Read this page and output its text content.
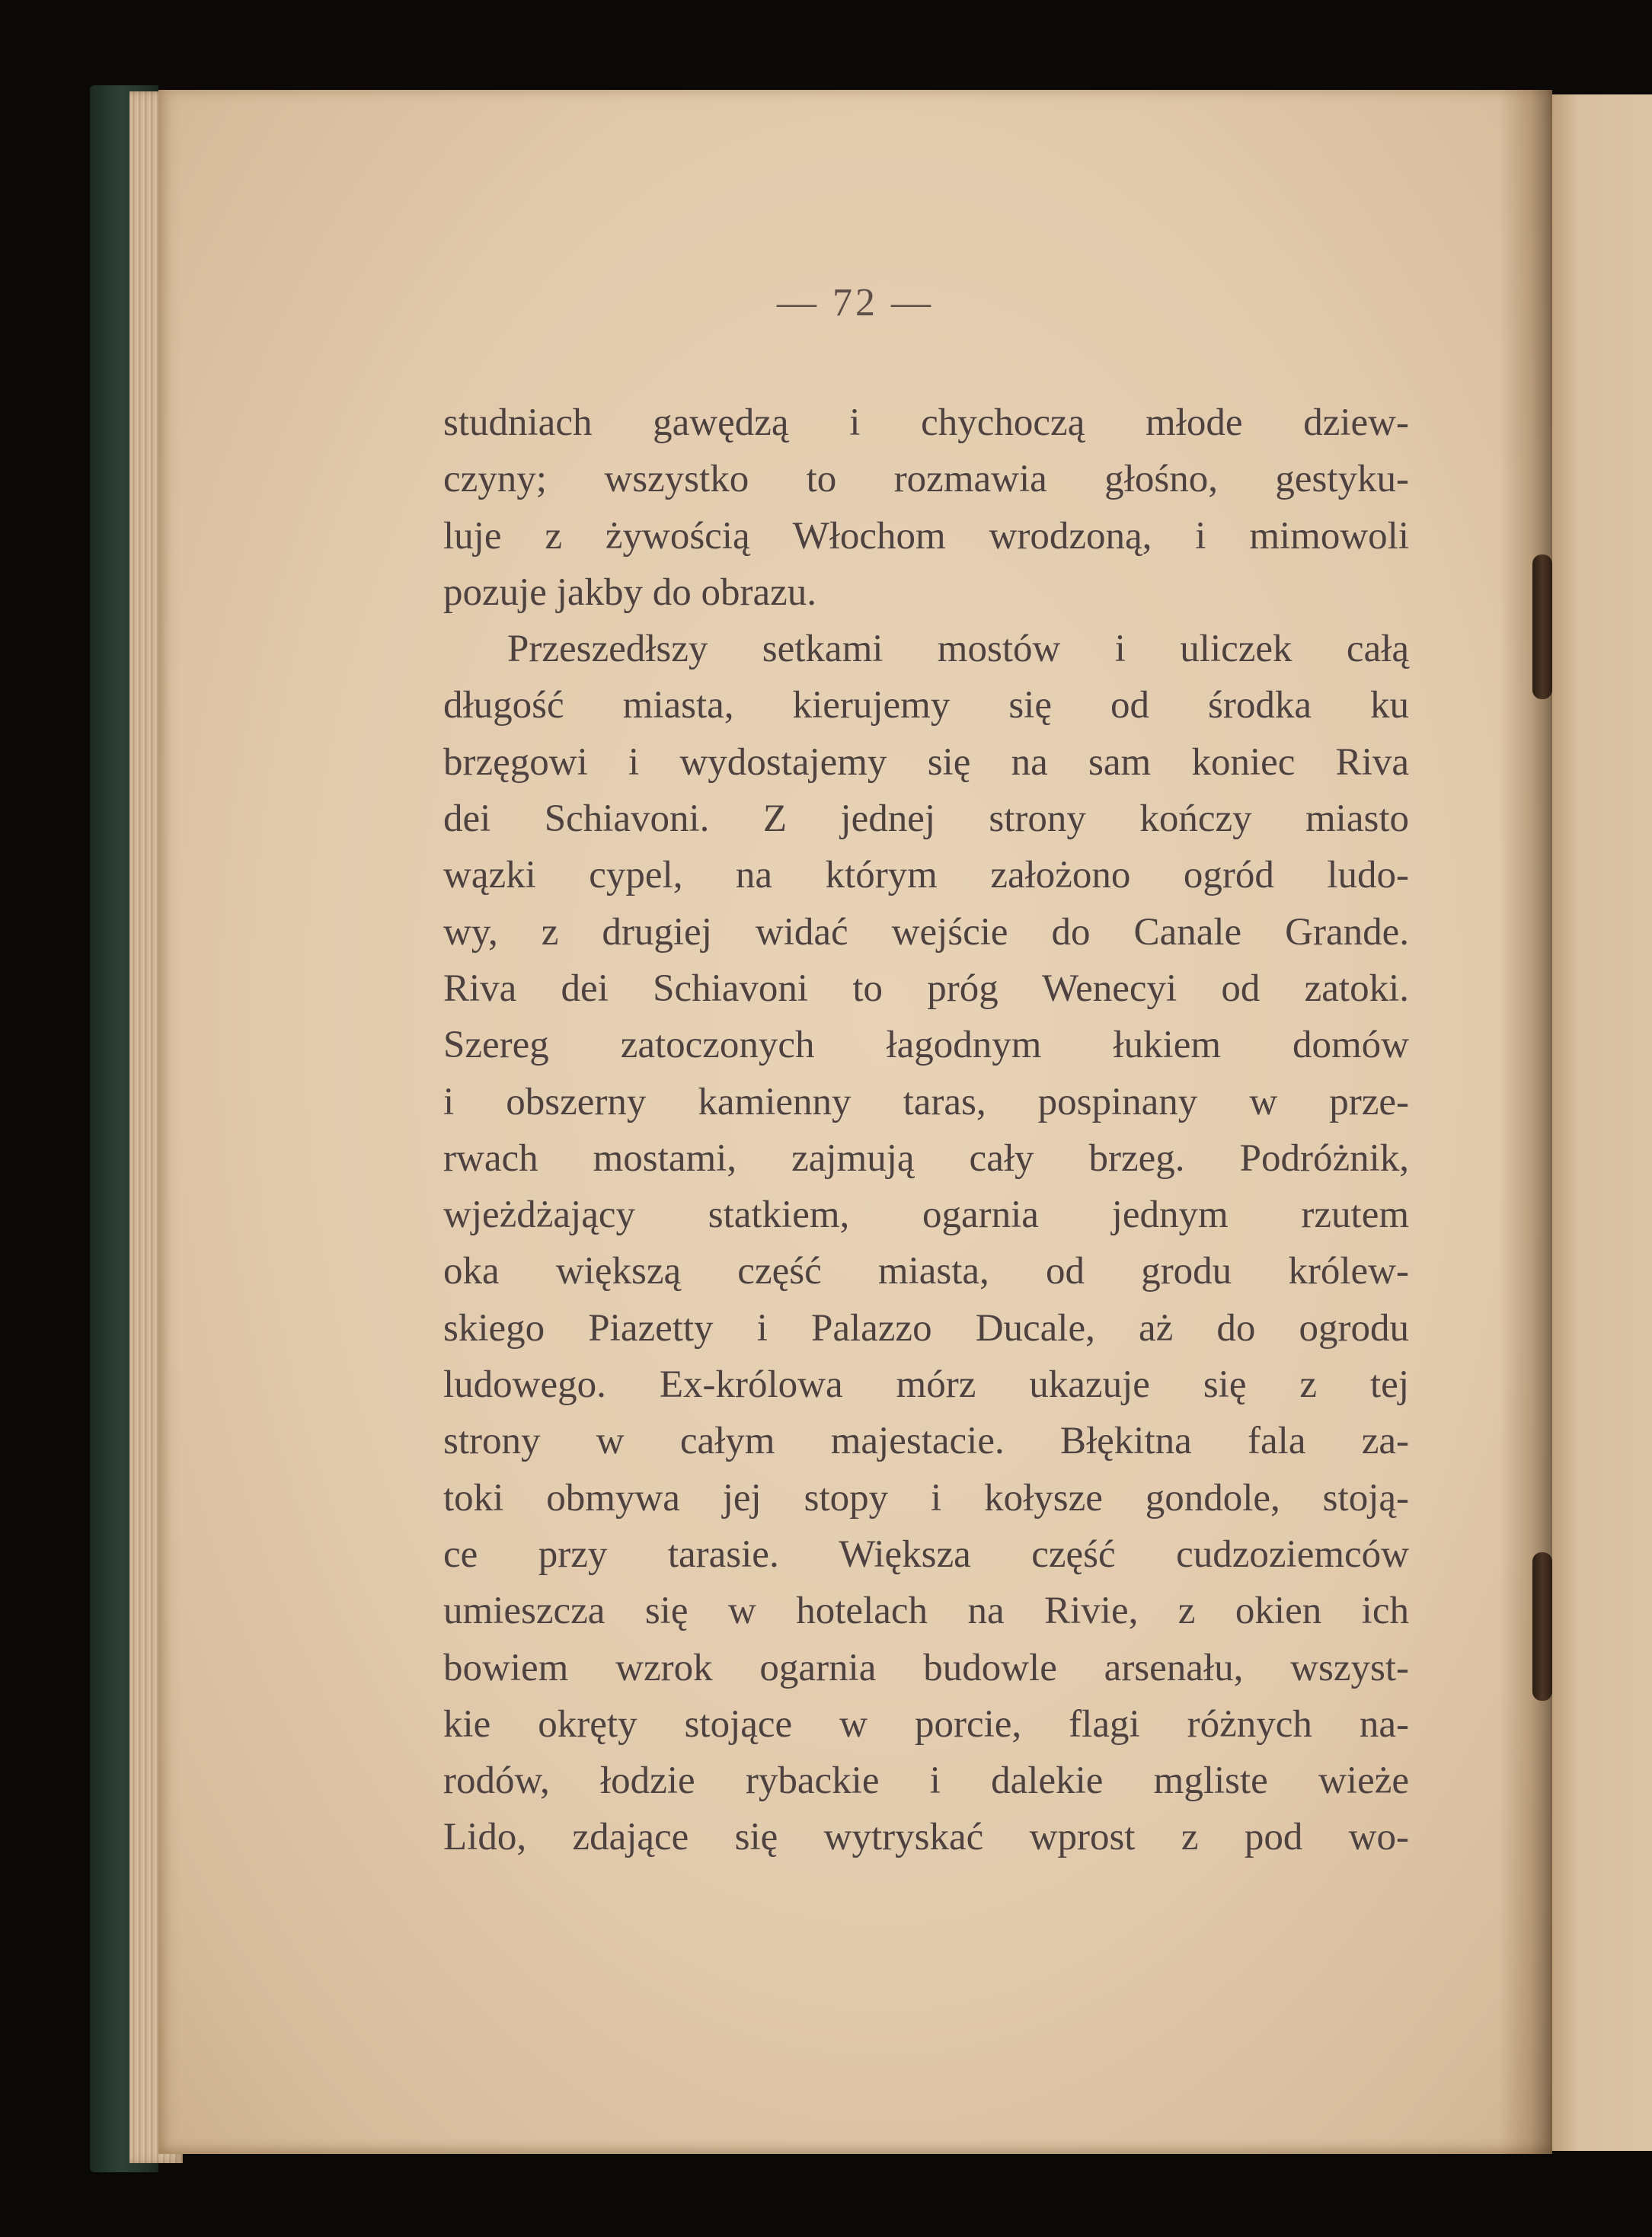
— 72 —
studniach gawędzą i chychoczą młode dziew-
czyny; wszystko to rozmawia głośno, gestyku-
luje z żywością Włochom wrodzoną, i mimowoli
pozuje jakby do obrazu.
Przeszedłszy setkami mostów i uliczek całą
długość miasta, kierujemy się od środka ku
brzęgowi i wydostajemy się na sam koniec Riva
dei Schiavoni. Z jednej strony kończy miasto
wązki cypel, na którym założono ogród ludo-
wy, z drugiej widać wejście do Canale Grande.
Riva dei Schiavoni to próg Wenecyi od zatoki.
Szereg zatoczonych łagodnym łukiem domów
i obszerny kamienny taras, pospinany w prze-
rwach mostami, zajmują cały brzeg. Podróżnik,
wjeżdżający statkiem, ogarnia jednym rzutem
oka większą część miasta, od grodu królew-
skiego Piazetty i Palazzo Ducale, aż do ogrodu
ludowego. Ex-królowa mórz ukazuje się z tej
strony w całym majestacie. Błękitna fala za-
toki obmywa jej stopy i kołysze gondole, stoją-
ce przy tarasie. Większa część cudzoziemców
umieszcza się w hotelach na Rivie, z okien ich
bowiem wzrok ogarnia budowle arsenału, wszyst-
kie okręty stojące w porcie, flagi różnych na-
rodów, łodzie rybackie i dalekie mgliste wieże
Lido, zdające się wytryskać wprost z pod wo-
